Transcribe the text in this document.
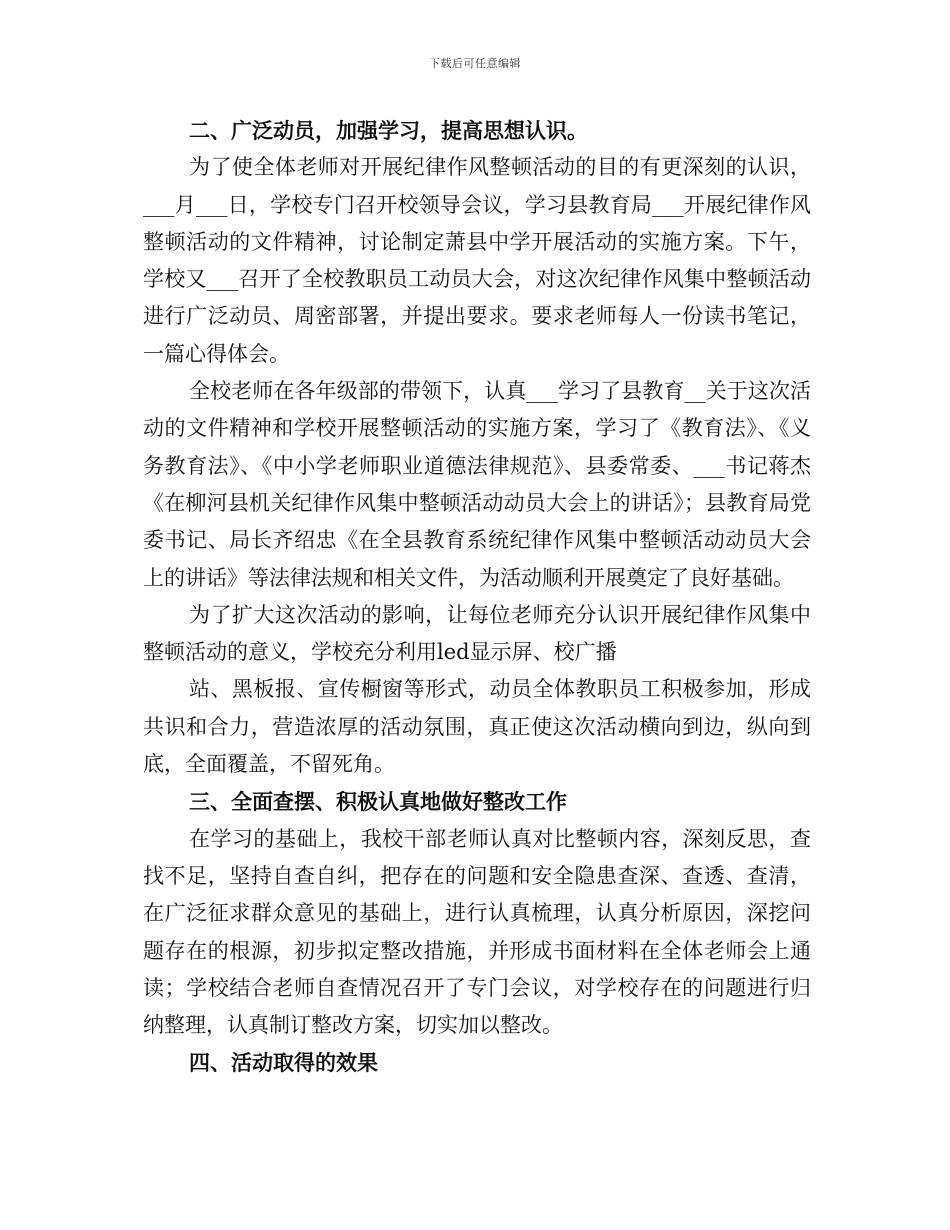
下载后可任意编辑

二、广泛动员，加强学习，提高思想认识。

为了使全体老师对开展纪律作风整顿活动的目的有更深刻的认识，___月___日，学校专门召开校领导会议，学习县教育局___开展纪律作风整顿活动的文件精神，讨论制定萧县中学开展活动的实施方案。下午，学校又___召开了全校教职员工动员大会，对这次纪律作风集中整顿活动进行广泛动员、周密部署，并提出要求。要求老师每人一份读书笔记，一篇心得体会。

全校老师在各年级部的带领下，认真___学习了县教育__关于这次活动的文件精神和学校开展整顿活动的实施方案，学习了《教育法》、《义务教育法》、《中小学老师职业道德法律规范》、县委常委、___书记蒋杰《在柳河县机关纪律作风集中整顿活动动员大会上的讲话》；县教育局党委书记、局长齐绍忠《在全县教育系统纪律作风集中整顿活动动员大会上的讲话》等法律法规和相关文件，为活动顺利开展奠定了良好基础。

为了扩大这次活动的影响，让每位老师充分认识开展纪律作风集中整顿活动的意义，学校充分利用led显示屏、校广播

站、黑板报、宣传橱窗等形式，动员全体教职员工积极参加，形成共识和合力，营造浓厚的活动氛围，真正使这次活动横向到边，纵向到底，全面覆盖，不留死角。

三、全面查摆、积极认真地做好整改工作

在学习的基础上，我校干部老师认真对比整顿内容，深刻反思，查找不足，坚持自查自纠，把存在的问题和安全隐患查深、查透、查清，在广泛征求群众意见的基础上，进行认真梳理，认真分析原因，深挖问题存在的根源，初步拟定整改措施，并形成书面材料在全体老师会上通读；学校结合老师自查情况召开了专门会议，对学校存在的问题进行归纳整理，认真制订整改方案，切实加以整改。

四、活动取得的效果
